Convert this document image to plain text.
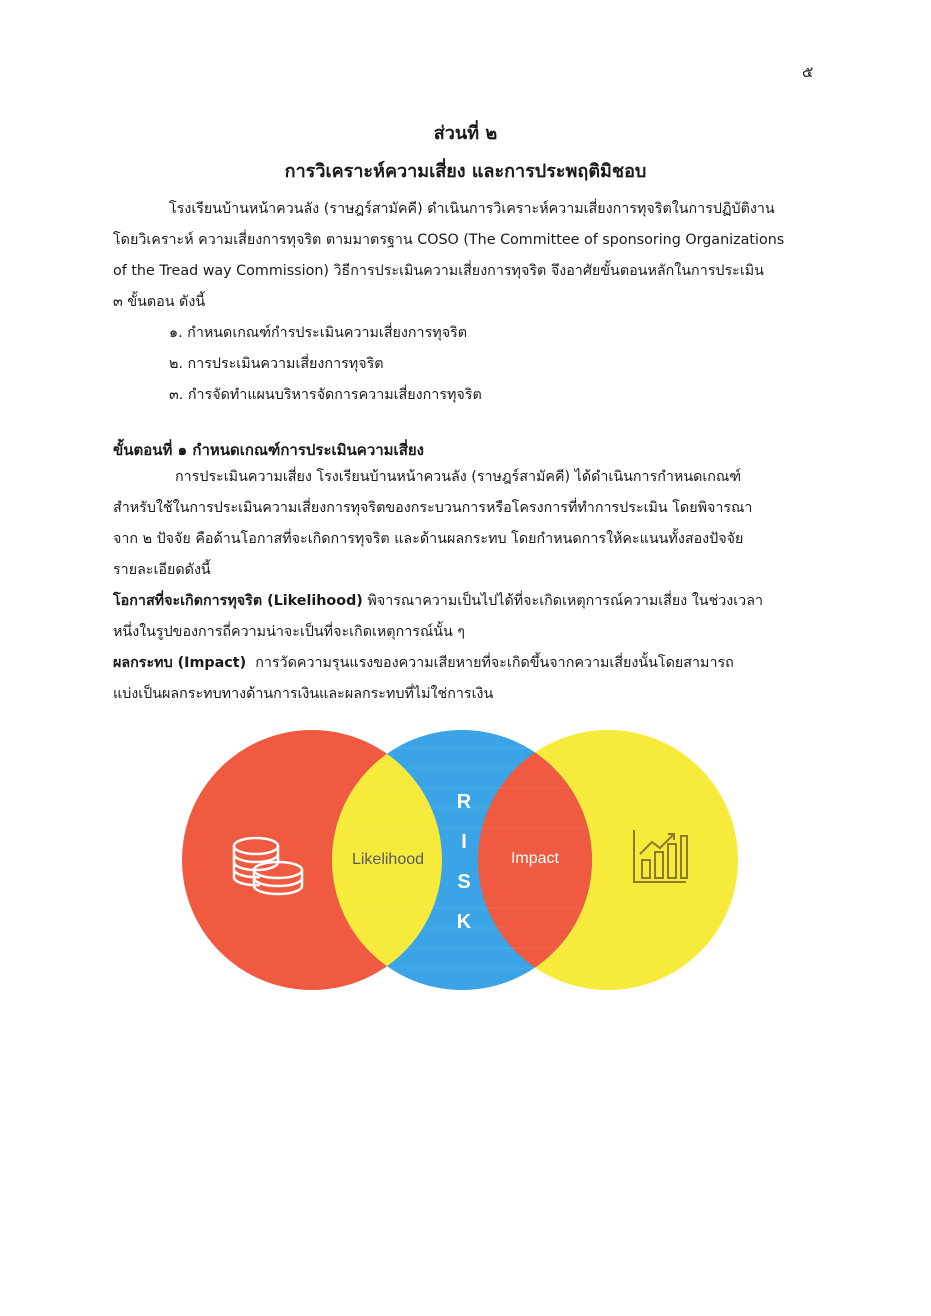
๕
ส่วนที่ ๒
การวิเคราะห์ความเสี่ยง และการประพฤติมิชอบ

โรงเรียนบ้านหน้าควนลัง (ราษฎร์สามัคคี) ดำเนินการวิเคราะห์ความเสี่ยงการทุจริตในการปฏิบัติงาน

โดยวิเคราะห์ ความเสี่ยงการทุจริต ตามมาตรฐาน COSO (The Committee of sponsoring Organizations

of the Tread way Commission) วิธีการประเมินความเสี่ยงการทุจริต จึงอาศัยขั้นตอนหลักในการประเมิน

๓ ขั้นตอน ดังนี้

๑. กำหนดเกณฑ์กำรประเมินความเสี่ยงการทุจริต

๒. การประเมินความเสี่ยงการทุจริต

๓. กำรจัดทำแผนบริหารจัดการความเสี่ยงการทุจริต

ขั้นตอนที่ ๑ กำหนดเกณฑ์การประเมินความเสี่ยง

การประเมินความเสี่ยง โรงเรียนบ้านหน้าควนลัง (ราษฎร์สามัคคี) ได้ดำเนินการกำหนดเกณฑ์

สำหรับใช้ในการประเมินความเสี่ยงการทุจริตของกระบวนการหรือโครงการที่ทำการประเมิน โดยพิจารณา

จาก ๒ ปัจจัย คือด้านโอกาสที่จะเกิดการทุจริต และด้านผลกระทบ โดยกำหนดการให้คะแนนทั้งสองปัจจัย

รายละเอียดดังนี้

โอกาสที่จะเกิดการทุจริต (Likelihood) พิจารณาความเป็นไปได้ที่จะเกิดเหตุการณ์ความเสี่ยง ในช่วงเวลา

หนึ่งในรูปของการถี่ความน่าจะเป็นที่จะเกิดเหตุการณ์นั้น ๆ

ผลกระทบ (Impact)  การวัดความรุนแรงของความเสียหายที่จะเกิดขึ้นจากความเสี่ยงนั้นโดยสามารถ

แบ่งเป็นผลกระทบทางด้านการเงินและผลกระทบที่ไม่ใช่การเงิน

Likelihood	Impact
R
I
S
K
